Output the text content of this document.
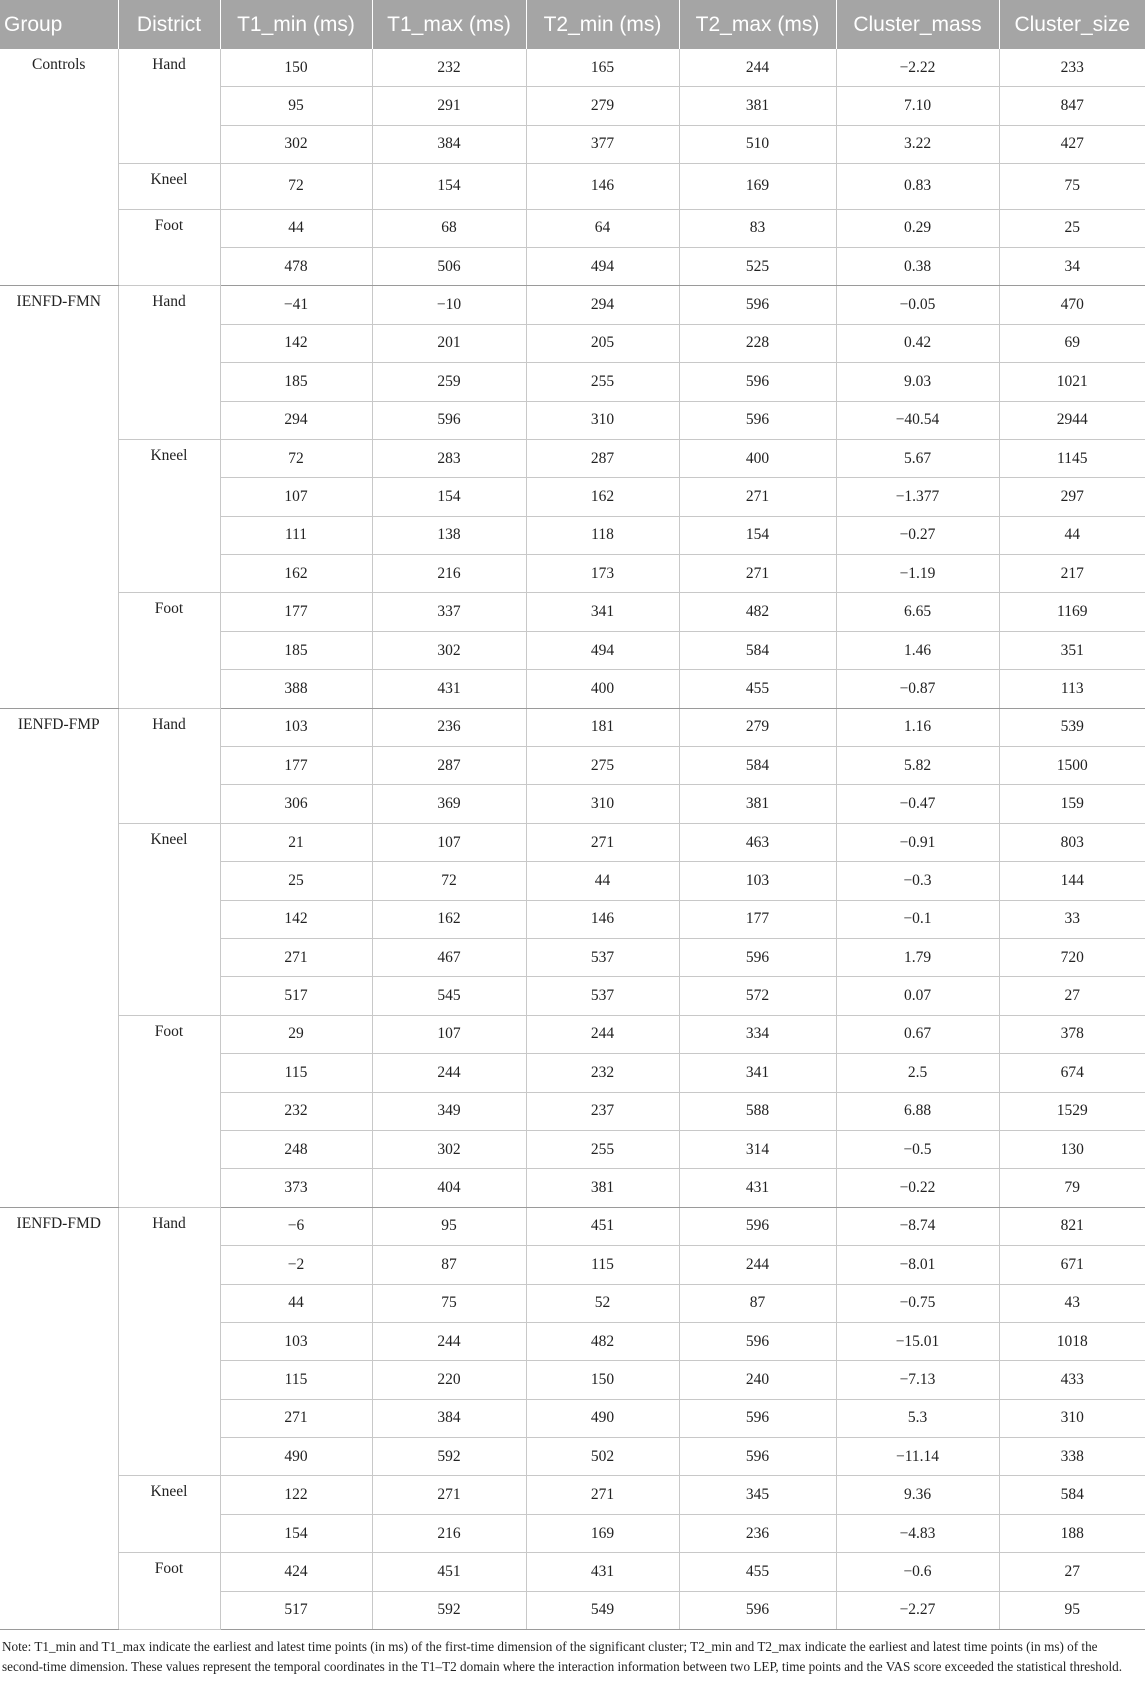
Group	District	T1_min (ms)	T1_max (ms)	T2_min (ms)	T2_max (ms)	Cluster_mass	Cluster_size
Controls	Hand	150	232	165	244	−2.22	233
		95	291	279	381	7.10	847
		302	384	377	510	3.22	427
	Kneel	72	154	146	169	0.83	75
	Foot	44	68	64	83	0.29	25
		478	506	494	525	0.38	34
IENFD-FMN	Hand	−41	−10	294	596	−0.05	470
		142	201	205	228	0.42	69
		185	259	255	596	9.03	1021
		294	596	310	596	−40.54	2944
	Kneel	72	283	287	400	5.67	1145
		107	154	162	271	−1.377	297
		111	138	118	154	−0.27	44
		162	216	173	271	−1.19	217
	Foot	177	337	341	482	6.65	1169
		185	302	494	584	1.46	351
		388	431	400	455	−0.87	113
IENFD-FMP	Hand	103	236	181	279	1.16	539
		177	287	275	584	5.82	1500
		306	369	310	381	−0.47	159
	Kneel	21	107	271	463	−0.91	803
		25	72	44	103	−0.3	144
		142	162	146	177	−0.1	33
		271	467	537	596	1.79	720
		517	545	537	572	0.07	27
	Foot	29	107	244	334	0.67	378
		115	244	232	341	2.5	674
		232	349	237	588	6.88	1529
		248	302	255	314	−0.5	130
		373	404	381	431	−0.22	79
IENFD-FMD	Hand	−6	95	451	596	−8.74	821
		−2	87	115	244	−8.01	671
		44	75	52	87	−0.75	43
		103	244	482	596	−15.01	1018
		115	220	150	240	−7.13	433
		271	384	490	596	5.3	310
		490	592	502	596	−11.14	338
	Kneel	122	271	271	345	9.36	584
		154	216	169	236	−4.83	188
	Foot	424	451	431	455	−0.6	27
		517	592	549	596	−2.27	95

Note: T1_min and T1_max indicate the earliest and latest time points (in ms) of the first-time dimension of the significant cluster; T2_min and T2_max indicate the earliest and latest time points (in ms) of the second-time dimension. These values represent the temporal coordinates in the T1–T2 domain where the interaction information between two LEP, time points and the VAS score exceeded the statistical threshold.
